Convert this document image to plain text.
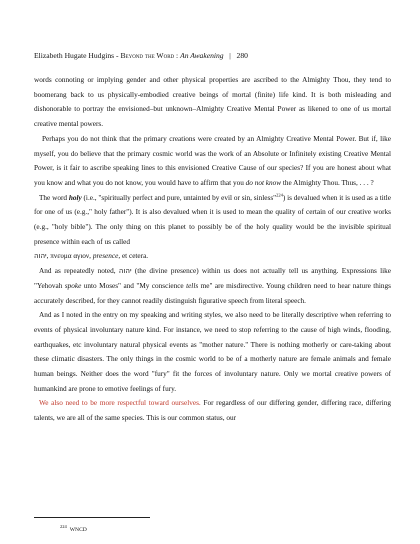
Elizabeth Hugate Hudgins - Beyond the Word : An Awakening   |   280

words connoting or implying gender and other physical properties are ascribed to the Almighty Thou, they tend to boomerang back to us physically-embodied creative beings of mortal (finite) life kind. It is both misleading and dishonorable to portray the envisioned–but unknown–Almighty Creative Mental Power as likened to one of us mortal creative mental powers.

Perhaps you do not think that the primary creations were created by an Almighty Creative Mental Power. But if, like myself, you do believe that the primary cosmic world was the work of an Absolute or Infinitely existing Creative Mental Power, is it fair to ascribe speaking lines to this envisioned Creative Cause of our species? If you are honest about what you know and what you do not know, you would have to affirm that you do not know the Almighty Thou. Thus, . . . ?

The word holy (i.e., "spiritually perfect and pure, untainted by evil or sin, sinless"$^{224}$) is devalued when it is used as a title for one of us (e.g.," holy father"). It is also devalued when it is used to mean the quality of certain of our creative works (e.g., "holy bible"). The only thing on this planet to possibly be of the holy quality would be the invisible spiritual presence within each of us called
יהוה, πνευμα αγιον, presence, et cetera.

And as repeatedly noted, יהוה (the divine presence) within us does not actually tell us anything. Expressions like "Yehovah spoke unto Moses" and "My conscience tells me" are misdirective. Young children need to hear nature things accurately described, for they cannot readily distinguish figurative speech from literal speech.

And as I noted in the entry on my speaking and writing styles, we also need to be literally descriptive when referring to events of physical involuntary nature kind. For instance, we need to stop referring to the cause of high winds, flooding, earthquakes, etc involuntary natural physical events as "mother nature." There is nothing motherly or care-taking about these climatic disasters. The only things in the cosmic world to be of a motherly nature are female animals and female human beings. Neither does the word "fury" fit the forces of involuntary nature. Only we mortal creative powers of humankind are prone to emotive feelings of fury.

We also need to be more respectful toward ourselves. For regardless of our differing gender, differing race, differing talents, we are all of the same species. This is our common status, our

$^{224}$WNCD
